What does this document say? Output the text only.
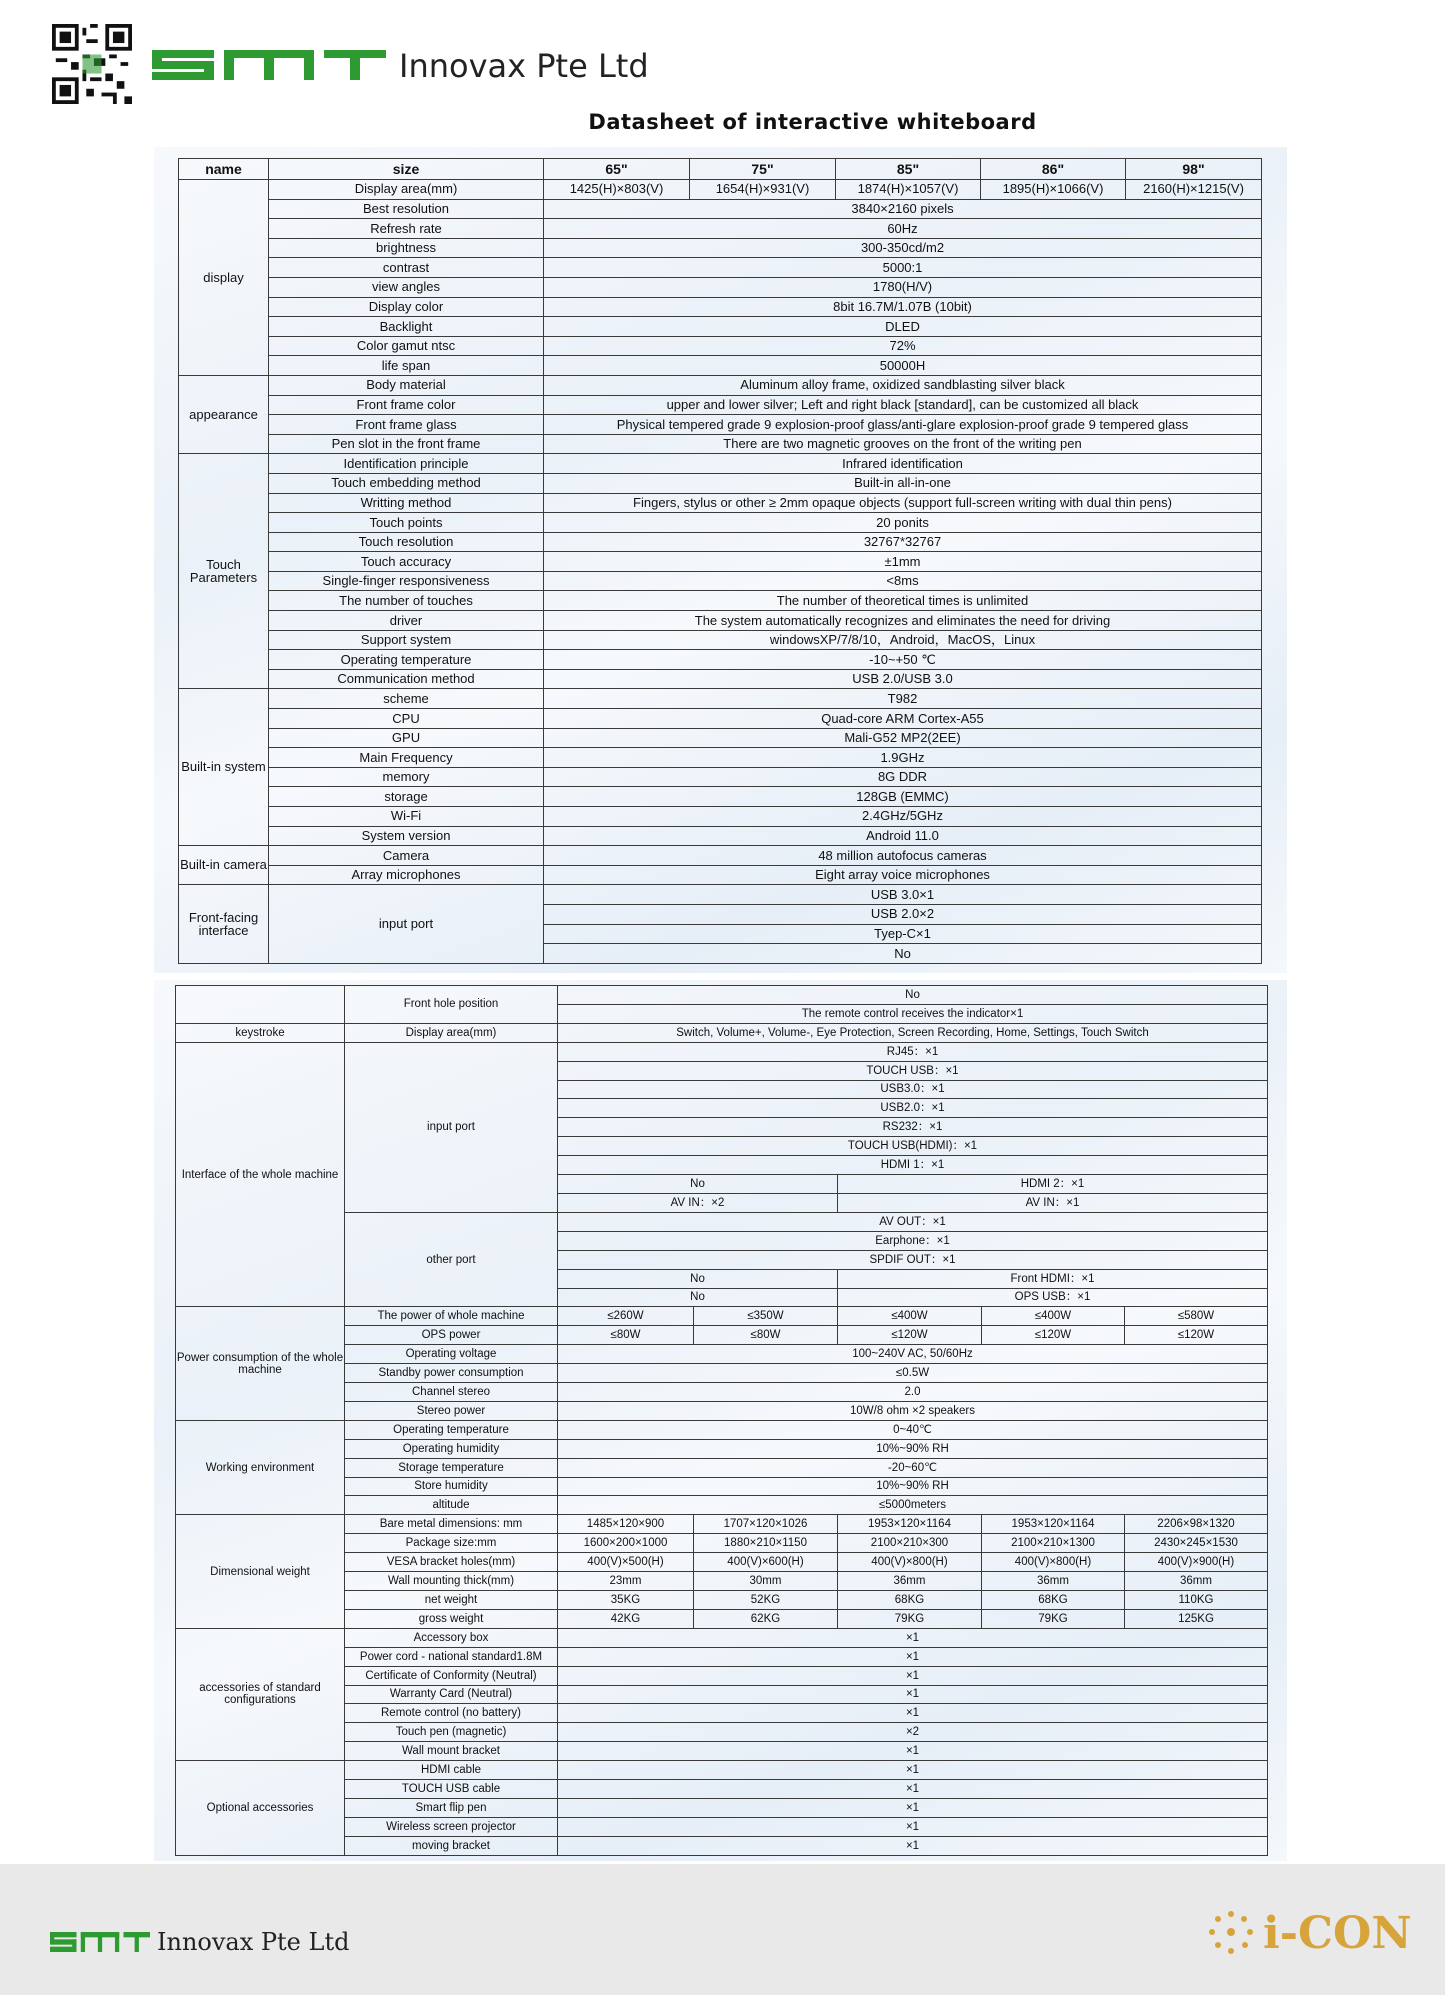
Innovax Pte Ltd
Datasheet of interactive whiteboard
name	size	65"	75"	85"	86"	98"
display	Display area(mm)	1425(H)×803(V)	1654(H)×931(V)	1874(H)×1057(V)	1895(H)×1066(V)	2160(H)×1215(V)
	Best resolution	3840×2160 pixels				
	Refresh rate	60Hz				
	brightness	300-350cd/m2				
	contrast	5000:1				
	view angles	1780(H/V)				
	Display color	8bit 16.7M/1.07B (10bit)				
	Backlight	DLED				
	Color gamut ntsc	72%				
	life span	50000H				
appearance	Body material	Aluminum alloy frame, oxidized sandblasting silver black				
	Front frame color	upper and lower silver; Left and right black [standard], can be customized all black				
	Front frame glass	Physical tempered grade 9 explosion-proof glass/anti-glare explosion-proof grade 9 tempered glass				
	Pen slot in the front frame	There are two magnetic grooves on the front of the writing pen				
Touch Parameters	Identification principle	Infrared identification				
	Touch embedding method	Built-in all-in-one				
	Writting method	Fingers, stylus or other ≥ 2mm opaque objects (support full-screen writing with dual thin pens)				
	Touch points	20 ponits				
	Touch resolution	32767*32767				
	Touch accuracy	±1mm				
	Single-finger responsiveness	<8ms				
	The number of touches	The number of theoretical times is unlimited				
	driver	The system automatically recognizes and eliminates the need for driving				
	Support system	windowsXP/7/8/10，Android，MacOS，Linux				
	Operating temperature	-10~+50 ℃				
	Communication method	USB 2.0/USB 3.0				
Built-in system	scheme	T982				
	CPU	Quad-core ARM Cortex-A55				
	GPU	Mali-G52 MP2(2EE)				
	Main Frequency	1.9GHz				
	memory	8G DDR				
	storage	128GB (EMMC)				
	Wi-Fi	2.4GHz/5GHz				
	System version	Android 11.0				
Built-in camera	Camera	48 million autofocus cameras				
	Array microphones	Eight array voice microphones				
Front-facing interface	input port	USB 3.0×1				
		USB 2.0×2				
		Tyep-C×1				
		No				
	Front hole position	No				
		The remote control receives the indicator×1				
keystroke	Display area(mm)	Switch, Volume+, Volume-, Eye Protection, Screen Recording, Home, Settings, Touch Switch				
Interface of the whole machine	input port	RJ45：×1				
		TOUCH USB：×1				
		USB3.0：×1				
		USB2.0：×1				
		RS232：×1				
		TOUCH USB(HDMI)：×1				
		HDMI 1：×1				
		No		HDMI 2：×1		
		AV IN：×2		AV IN：×1		
	other port	AV OUT：×1				
		Earphone：×1				
		SPDIF OUT：×1				
		No		Front HDMI：×1		
		No		OPS USB：×1		
Power consumption of the whole machine	The power of whole machine	≤260W	≤350W	≤400W	≤400W	≤580W
	OPS power	≤80W	≤80W	≤120W	≤120W	≤120W
	Operating voltage	100~240V AC, 50/60Hz				
	Standby power consumption	≤0.5W				
	Channel stereo	2.0				
	Stereo power	10W/8 ohm ×2 speakers				
Working environment	Operating temperature	0~40℃				
	Operating humidity	10%~90% RH				
	Storage temperature	-20~60℃				
	Store humidity	10%~90% RH				
	altitude	≤5000meters				
Dimensional weight	Bare metal dimensions: mm	1485×120×900	1707×120×1026	1953×120×1164	1953×120×1164	2206×98×1320
	Package size:mm	1600×200×1000	1880×210×1150	2100×210×300	2100×210×1300	2430×245×1530
	VESA bracket holes(mm)	400(V)×500(H)	400(V)×600(H)	400(V)×800(H)	400(V)×800(H)	400(V)×900(H)
	Wall mounting thick(mm)	23mm	30mm	36mm	36mm	36mm
	net weight	35KG	52KG	68KG	68KG	110KG
	gross weight	42KG	62KG	79KG	79KG	125KG
accessories of standard configurations	Accessory box	×1				
	Power cord - national standard1.8M	×1				
	Certificate of Conformity (Neutral)	×1				
	Warranty Card (Neutral)	×1				
	Remote control (no battery)	×1				
	Touch pen (magnetic)	×2				
	Wall mount bracket	×1				
Optional accessories	HDMI cable	×1				
	TOUCH USB cable	×1				
	Smart flip pen	×1				
	Wireless screen projector	×1				
	moving bracket	×1				
Innovax Pte Ltd	i-CON
